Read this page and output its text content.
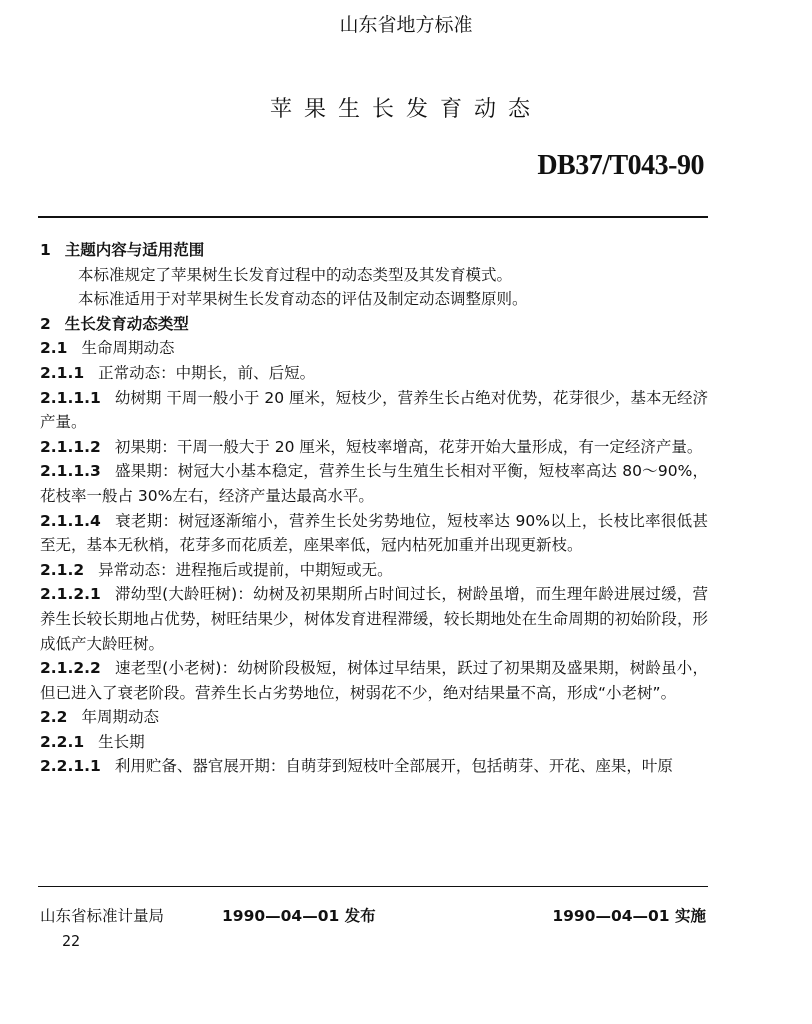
山东省地方标准
苹果生长发育动态
DB37/T043-90

1 主题内容与适用范围

本标准规定了苹果树生长发育过程中的动态类型及其发育模式。

本标准适用于对苹果树生长发育动态的评估及制定动态调整原则。

2 生长发育动态类型

2.1 生命周期动态

2.1.1 正常动态：中期长，前、后短。

2.1.1.1 幼树期 干周一般小于 20 厘米，短枝少，营养生长占绝对优势，花芽很少，基本无经济产量。

2.1.1.2 初果期：干周一般大于 20 厘米，短枝率增高，花芽开始大量形成，有一定经济产量。

2.1.1.3 盛果期：树冠大小基本稳定，营养生长与生殖生长相对平衡，短枝率高达 80～90%，花枝率一般占 30%左右，经济产量达最高水平。

2.1.1.4 衰老期：树冠逐渐缩小，营养生长处劣势地位，短枝率达 90%以上，长枝比率很低甚至无，基本无秋梢，花芽多而花质差，座果率低，冠内枯死加重并出现更新枝。

2.1.2 异常动态：进程拖后或提前，中期短或无。

2.1.2.1 滞幼型(大龄旺树)：幼树及初果期所占时间过长，树龄虽增，而生理年龄进展过缓，营养生长较长期地占优势，树旺结果少，树体发育进程滞缓，较长期地处在生命周期的初始阶段，形成低产大龄旺树。

2.1.2.2 速老型(小老树)：幼树阶段极短，树体过早结果，跃过了初果期及盛果期，树龄虽小，但已进入了衰老阶段。营养生长占劣势地位，树弱花不少，绝对结果量不高，形成“小老树”。

2.2 年周期动态

2.2.1 生长期

2.2.1.1 利用贮备、器官展开期：自萌芽到短枝叶全部展开，包括萌芽、开花、座果，叶原

山东省标准计量局	1990—04—01 发布	1990—04—01 实施
22
